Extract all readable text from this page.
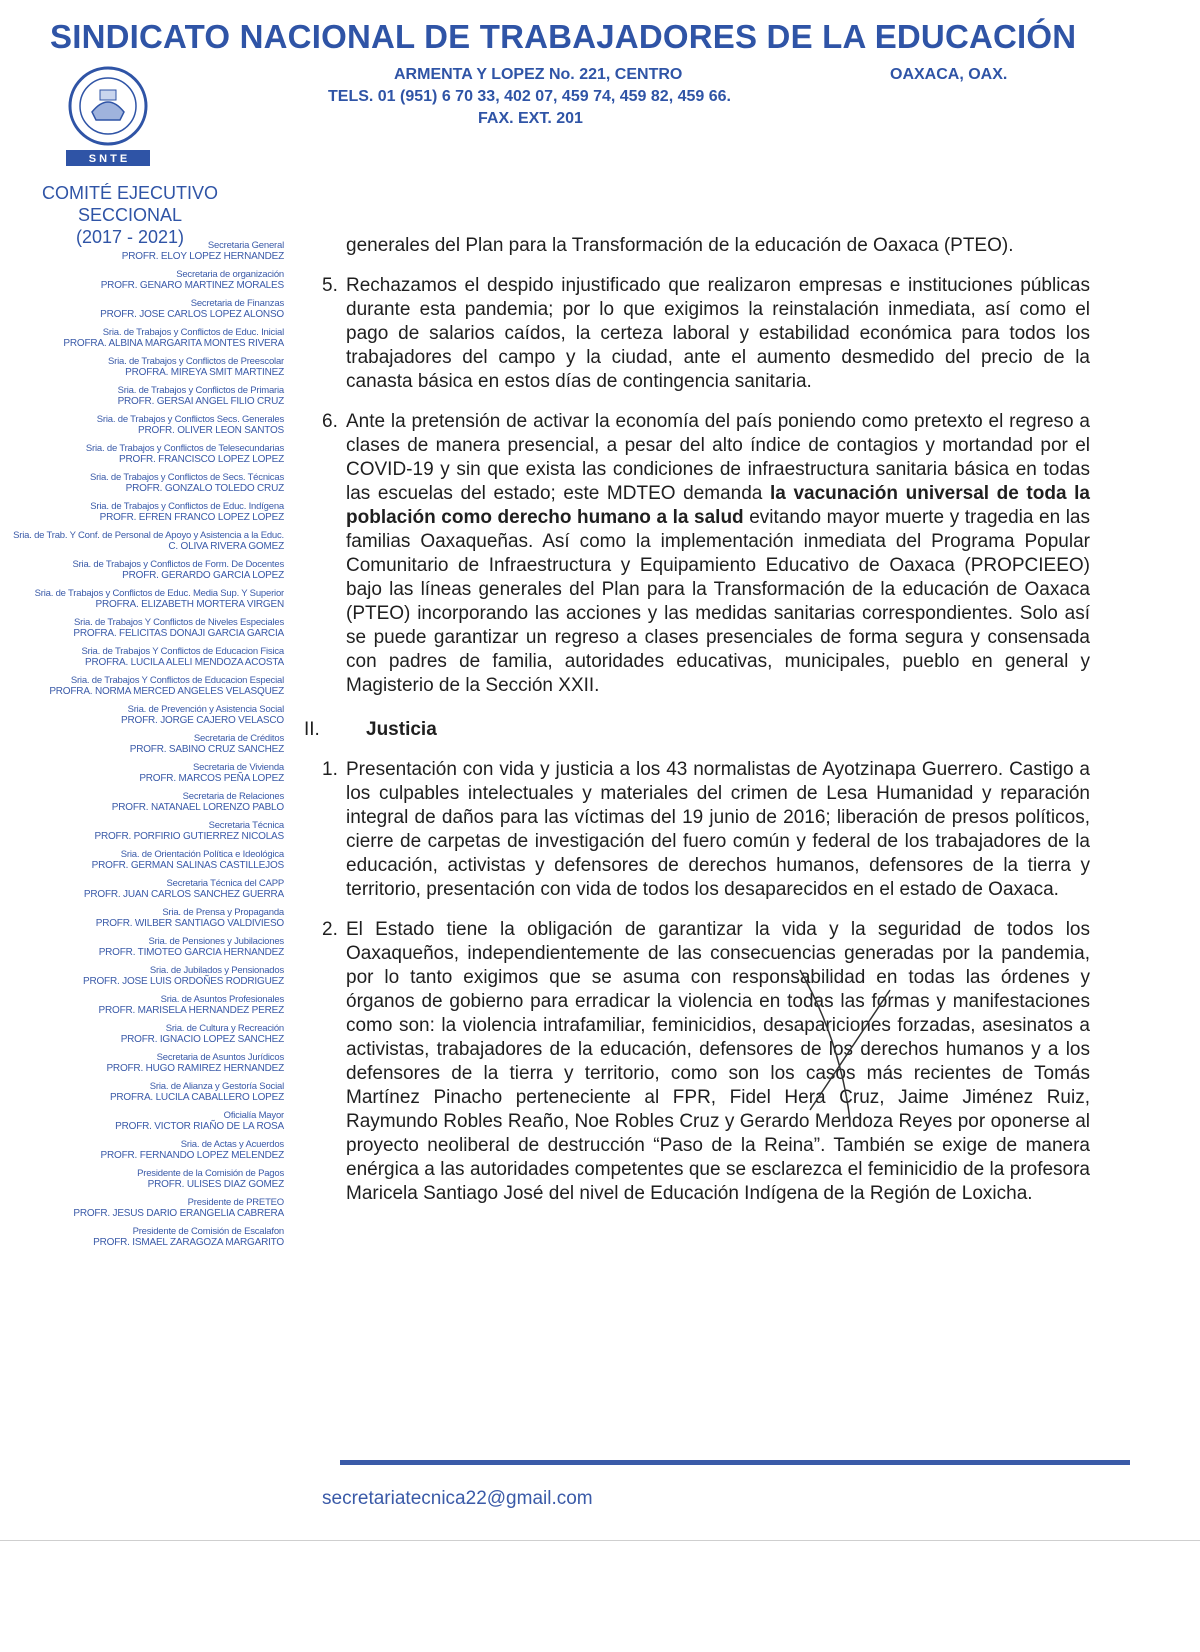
SINDICATO NACIONAL DE TRABAJADORES DE LA EDUCACIÓN
ARMENTA Y LOPEZ No. 221, CENTRO	OAXACA, OAX.
TELS. 01 (951) 6 70 33, 402 07, 459 74, 459 82, 459 66.
FAX. EXT. 201
S N T E
COMITÉ EJECUTIVO SECCIONAL
(2017 - 2021)	Secretaria General
PROFR. ELOY LOPEZ HERNANDEZ
Secretaria de organización
PROFR. GENARO MARTINEZ MORALES
Secretaria de Finanzas
PROFR. JOSE CARLOS LOPEZ ALONSO
Sria. de Trabajos y Conflictos de Educ. Inicial
PROFRA. ALBINA MARGARITA MONTES RIVERA
Sria. de Trabajos y Conflictos de Preescolar
PROFRA. MIREYA SMIT MARTINEZ
Sria. de Trabajos y Conflictos de Primaria
PROFR. GERSAI ANGEL FILIO CRUZ
Sria. de Trabajos y Conflictos Secs. Generales
PROFR. OLIVER LEON SANTOS
Sria. de Trabajos y Conflictos de Telesecundarias
PROFR. FRANCISCO LOPEZ LOPEZ
Sria. de Trabajos y Conflictos de Secs. Técnicas
PROFR. GONZALO TOLEDO CRUZ
Sria. de Trabajos y Conflictos de Educ. Indígena
PROFR. EFREN FRANCO LOPEZ LOPEZ
Sria. de Trab. Y Conf. de Personal de Apoyo y Asistencia a la Educ.
C. OLIVA RIVERA GOMEZ
Sria. de Trabajos y Conflictos de Form. De Docentes
PROFR. GERARDO GARCIA LOPEZ
Sria. de Trabajos y Conflictos de Educ. Media Sup. Y Superior
PROFRA. ELIZABETH MORTERA VIRGEN
Sria. de Trabajos Y Conflictos de Niveles Especiales
PROFRA. FELICITAS DONAJI GARCIA GARCIA
Sria. de Trabajos Y Conflictos de Educacion Fisica
PROFRA. LUCILA ALELI MENDOZA ACOSTA
Sria. de Trabajos Y Conflictos de Educacion Especial
PROFRA. NORMA MERCED ANGELES VELASQUEZ
Sria. de Prevención y Asistencia Social
PROFR. JORGE CAJERO VELASCO
Secretaria de Créditos
PROFR. SABINO CRUZ SANCHEZ
Secretaria de Vivienda
PROFR. MARCOS PEÑA LOPEZ
Secretaria de Relaciones
PROFR. NATANAEL LORENZO PABLO
Secretaria Técnica
PROFR. PORFIRIO GUTIERREZ NICOLAS
Sria. de Orientación Política e Ideológica
PROFR. GERMAN SALINAS CASTILLEJOS
Secretaria Técnica del CAPP
PROFR. JUAN CARLOS SANCHEZ GUERRA
Sria. de Prensa y Propaganda
PROFR. WILBER SANTIAGO VALDIVIESO
Sria. de Pensiones y Jubilaciones
PROFR. TIMOTEO GARCIA HERNANDEZ
Sria. de Jubilados y Pensionados
PROFR. JOSE LUIS ORDOÑES RODRIGUEZ
Sria. de Asuntos Profesionales
PROFR. MARISELA HERNANDEZ PEREZ
Sria. de Cultura y Recreación
PROFR. IGNACIO LOPEZ SANCHEZ
Secretaria de Asuntos Jurídicos
PROFR. HUGO RAMIREZ HERNANDEZ
Sria. de Alianza y Gestoría Social
PROFRA. LUCILA CABALLERO LOPEZ
Oficialía Mayor
PROFR. VICTOR RIAÑO DE LA ROSA
Sria. de Actas y Acuerdos
PROFR. FERNANDO LOPEZ MELENDEZ
Presidente de la Comisión de Pagos
PROFR. ULISES DIAZ GOMEZ
Presidente de PRETEO
PROFR. JESUS DARIO ERANGELIA CABRERA
Presidente de Comisión de Escalafon
PROFR. ISMAEL ZARAGOZA MARGARITO

generales del Plan para la Transformación de la educación de Oaxaca (PTEO).

5. Rechazamos el despido injustificado que realizaron empresas e instituciones públicas durante esta pandemia; por lo que exigimos la reinstalación inmediata, así como el pago de salarios caídos, la certeza laboral y estabilidad económica para todos los trabajadores del campo y la ciudad, ante el aumento desmedido del precio de la canasta básica en estos días de contingencia sanitaria.
6. Ante la pretensión de activar la economía del país poniendo como pretexto el regreso a clases de manera presencial, a pesar del alto índice de contagios y mortandad por el COVID-19 y sin que exista las condiciones de infraestructura sanitaria básica en todas las escuelas del estado; este MDTEO demanda la vacunación universal de toda la población como derecho humano a la salud evitando mayor muerte y tragedia en las familias Oaxaqueñas. Así como la implementación inmediata del Programa Popular Comunitario de Infraestructura y Equipamiento Educativo de Oaxaca (PROPCIEEO) bajo las líneas generales del Plan para la Transformación de la educación de Oaxaca (PTEO) incorporando las acciones y las medidas sanitarias correspondientes. Solo así se puede garantizar un regreso a clases presenciales de forma segura y consensada con padres de familia, autoridades educativas, municipales, pueblo en general y Magisterio de la Sección XXII.
II.	Justicia
1. Presentación con vida y justicia a los 43 normalistas de Ayotzinapa Guerrero. Castigo a los culpables intelectuales y materiales del crimen de Lesa Humanidad y reparación integral de daños para las víctimas del 19 junio de 2016; liberación de presos políticos, cierre de carpetas de investigación del fuero común y federal de los trabajadores de la educación, activistas y defensores de derechos humanos, defensores de la tierra y territorio, presentación con vida de todos los desaparecidos en el estado de Oaxaca.
2. El Estado tiene la obligación de garantizar la vida y la seguridad de todos los Oaxaqueños, independientemente de las consecuencias generadas por la pandemia, por lo tanto exigimos que se asuma con responsabilidad en todas las órdenes y órganos de gobierno para erradicar la violencia en todas las formas y manifestaciones como son: la violencia intrafamiliar, feminicidios, desapariciones forzadas, asesinatos a activistas, trabajadores de la educación, defensores de los derechos humanos y a los defensores de la tierra y territorio, como son los casos más recientes de Tomás Martínez Pinacho perteneciente al FPR, Fidel Hera Cruz, Jaime Jiménez Ruiz, Raymundo Robles Reaño, Noe Robles Cruz y Gerardo Mendoza Reyes por oponerse al proyecto neoliberal de destrucción “Paso de la Reina”. También se exige de manera enérgica a las autoridades competentes que se esclarezca el feminicidio de la profesora Maricela Santiago José del nivel de Educación Indígena de la Región de Loxicha.
secretariatecnica22@gmail.com
